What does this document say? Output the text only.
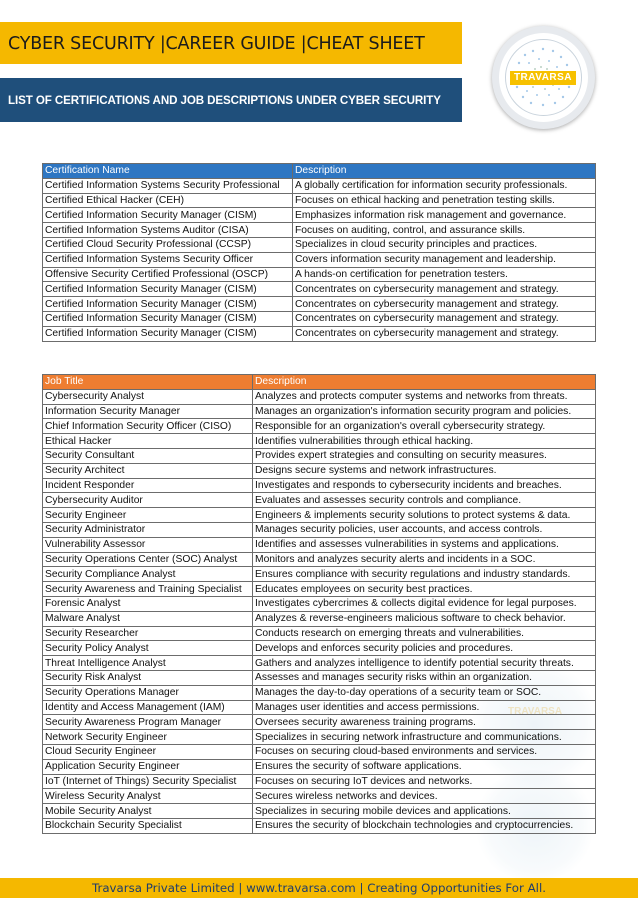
CYBER SECURITY |CAREER GUIDE |CHEAT SHEET
LIST OF CERTIFICATIONS AND JOB DESCRIPTIONS UNDER CYBER SECURITY
TRAVARSA
TRAVARSA
Certification Name	Description
Certified Information Systems Security Professional	A globally certification for information security professionals.
Certified Ethical Hacker (CEH)	Focuses on ethical hacking and penetration testing skills.
Certified Information Security Manager (CISM)	Emphasizes information risk management and governance.
Certified Information Systems Auditor (CISA)	Focuses on auditing, control, and assurance skills.
Certified Cloud Security Professional (CCSP)	Specializes in cloud security principles and practices.
Certified Information Systems Security Officer	Covers information security management and leadership.
Offensive Security Certified Professional (OSCP)	A hands-on certification for penetration testers.
Certified Information Security Manager (CISM)	Concentrates on cybersecurity management and strategy.
Certified Information Security Manager (CISM)	Concentrates on cybersecurity management and strategy.
Certified Information Security Manager (CISM)	Concentrates on cybersecurity management and strategy.
Certified Information Security Manager (CISM)	Concentrates on cybersecurity management and strategy.
Job Title	Description
Cybersecurity Analyst	Analyzes and protects computer systems and networks from threats.
Information Security Manager	Manages an organization's information security program and policies.
Chief Information Security Officer (CISO)	Responsible for an organization's overall cybersecurity strategy.
Ethical Hacker	Identifies vulnerabilities through ethical hacking.
Security Consultant	Provides expert strategies and consulting on security measures.
Security Architect	Designs secure systems and network infrastructures.
Incident Responder	Investigates and responds to cybersecurity incidents and breaches.
Cybersecurity Auditor	Evaluates and assesses security controls and compliance.
Security Engineer	Engineers & implements security solutions to protect systems & data.
Security Administrator	Manages security policies, user accounts, and access controls.
Vulnerability Assessor	Identifies and assesses vulnerabilities in systems and applications.
Security Operations Center (SOC) Analyst	Monitors and analyzes security alerts and incidents in a SOC.
Security Compliance Analyst	Ensures compliance with security regulations and industry standards.
Security Awareness and Training Specialist	Educates employees on security best practices.
Forensic Analyst	Investigates cybercrimes & collects digital evidence for legal purposes.
Malware Analyst	Analyzes & reverse-engineers malicious software to check behavior.
Security Researcher	Conducts research on emerging threats and vulnerabilities.
Security Policy Analyst	Develops and enforces security policies and procedures.
Threat Intelligence Analyst	Gathers and analyzes intelligence to identify potential security threats.
Security Risk Analyst	Assesses and manages security risks within an organization.
Security Operations Manager	Manages the day-to-day operations of a security team or SOC.
Identity and Access Management (IAM)	Manages user identities and access permissions.
Security Awareness Program Manager	Oversees security awareness training programs.
Network Security Engineer	Specializes in securing network infrastructure and communications.
Cloud Security Engineer	Focuses on securing cloud-based environments and services.
Application Security Engineer	Ensures the security of software applications.
IoT (Internet of Things) Security Specialist	Focuses on securing IoT devices and networks.
Wireless Security Analyst	Secures wireless networks and devices.
Mobile Security Analyst	Specializes in securing mobile devices and applications.
Blockchain Security Specialist	Ensures the security of blockchain technologies and cryptocurrencies.
Travarsa Private Limited | www.travarsa.com | Creating Opportunities For All.
